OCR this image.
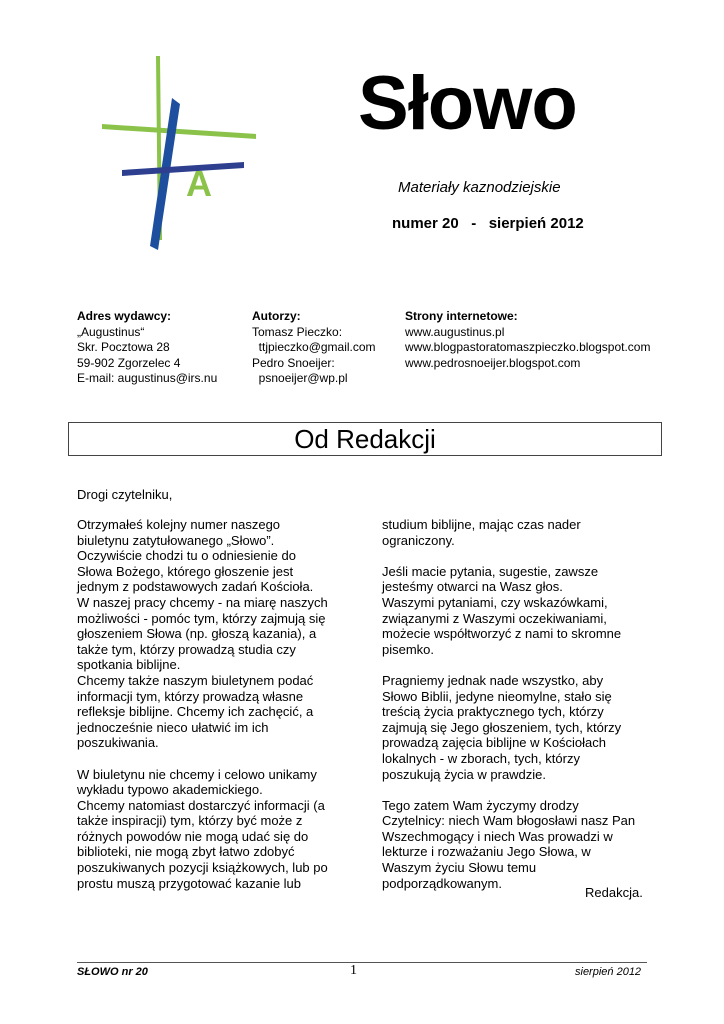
A
Słowo
Materiały kaznodziejskie
numer 20   -   sierpień 2012
Adres wydawcy:
„Augustinus“
Skr. Pocztowa 28
59-902 Zgorzelec 4
E-mail: augustinus@irs.nu
Autorzy:
Tomasz Pieczko:
ttjpieczko@gmail.com
Pedro Snoeijer:
psnoeijer@wp.pl
Strony internetowe:
www.augustinus.pl
www.blogpastoratomaszpieczko.blogspot.com
www.pedrosnoeijer.blogspot.com
Od Redakcji
Drogi czytelniku,

Otrzymałeś kolejny numer naszego
biuletynu zatytułowanego „Słowo”.
Oczywiście chodzi tu o odniesienie do
Słowa Bożego, którego głoszenie jest
jednym z podstawowych zadań Kościoła.
W naszej pracy chcemy - na miarę naszych
możliwości - pomóc tym, którzy zajmują się
głoszeniem Słowa (np. głoszą kazania), a
także tym, którzy prowadzą studia czy
spotkania biblijne.
Chcemy także naszym biuletynem podać
informacji tym, którzy prowadzą własne
refleksje biblijne. Chcemy ich zachęcić, a
jednocześnie nieco ułatwić im ich
poszukiwania.

W biuletynu nie chcemy i celowo unikamy
wykładu typowo akademickiego.
Chcemy natomiast dostarczyć informacji (a
także inspiracji) tym, którzy być może z
różnych powodów nie mogą udać się do
biblioteki, nie mogą zbyt łatwo zdobyć
poszukiwanych pozycji książkowych, lub po
prostu muszą przygotować kazanie lub

studium biblijne, mając czas nader
ograniczony.

Jeśli macie pytania, sugestie, zawsze
jesteśmy otwarci na Wasz głos.
Waszymi pytaniami, czy wskazówkami,
związanymi z Waszymi oczekiwaniami,
możecie współtworzyć z nami to skromne
pisemko.

Pragniemy jednak nade wszystko, aby
Słowo Biblii, jedyne nieomylne, stało się
treścią życia praktycznego tych, którzy
zajmują się Jego głoszeniem, tych, którzy
prowadzą zajęcia biblijne w Kościołach
lokalnych - w zborach, tych, którzy
poszukują życia w prawdzie.

Tego zatem Wam życzymy drodzy
Czytelnicy: niech Wam błogosławi nasz Pan
Wszechmogący i niech Was prowadzi w
lekturze i rozważaniu Jego Słowa, w
Waszym życiu Słowu temu
podporządkowanym.

Redakcja.
SŁOWO nr 20	1	sierpień 2012
